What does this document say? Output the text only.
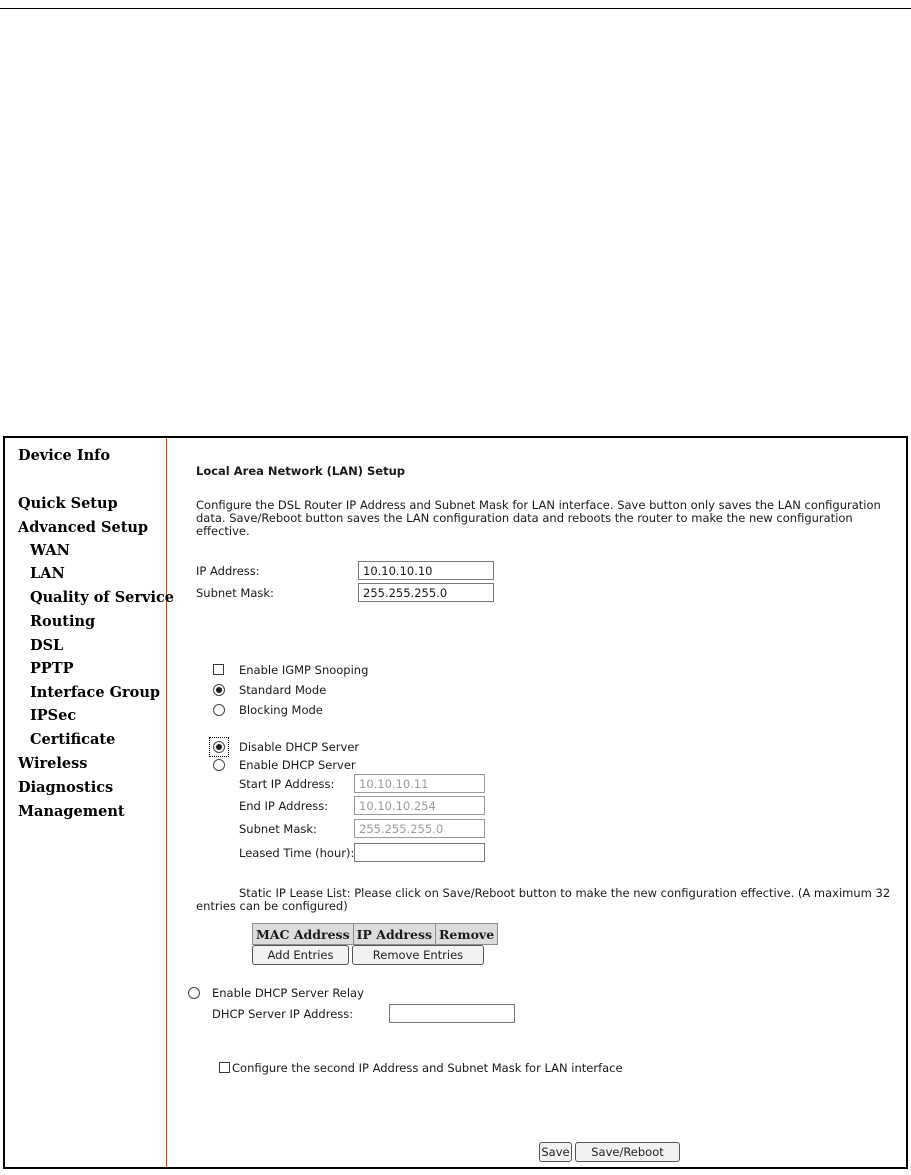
Device Info
Quick Setup
Advanced Setup
WAN
LAN
Quality of Service
Routing
DSL
PPTP
Interface Group
IPSec
Certificate
Wireless
Diagnostics
Management
Local Area Network (LAN) Setup
Configure the DSL Router IP Address and Subnet Mask for LAN interface. Save button only saves the LAN configuration data. Save/Reboot button saves the LAN configuration data and reboots the router to make the new configuration effective.
IP Address:
10.10.10.10
Subnet Mask:
255.255.255.0
Enable IGMP Snooping
Standard Mode
Blocking Mode
Disable DHCP Server
Enable DHCP Server
Start IP Address:
10.10.10.11
End IP Address:
10.10.10.254
Subnet Mask:
255.255.255.0
Leased Time (hour):
Static IP Lease List: Please click on Save/Reboot button to make the new configuration effective. (A maximum 32 entries can be configured)
MAC Address	IP Address	Remove
Add Entries	Remove Entries
Enable DHCP Server Relay
DHCP Server IP Address:
Configure the second IP Address and Subnet Mask for LAN interface
Save	Save/Reboot
